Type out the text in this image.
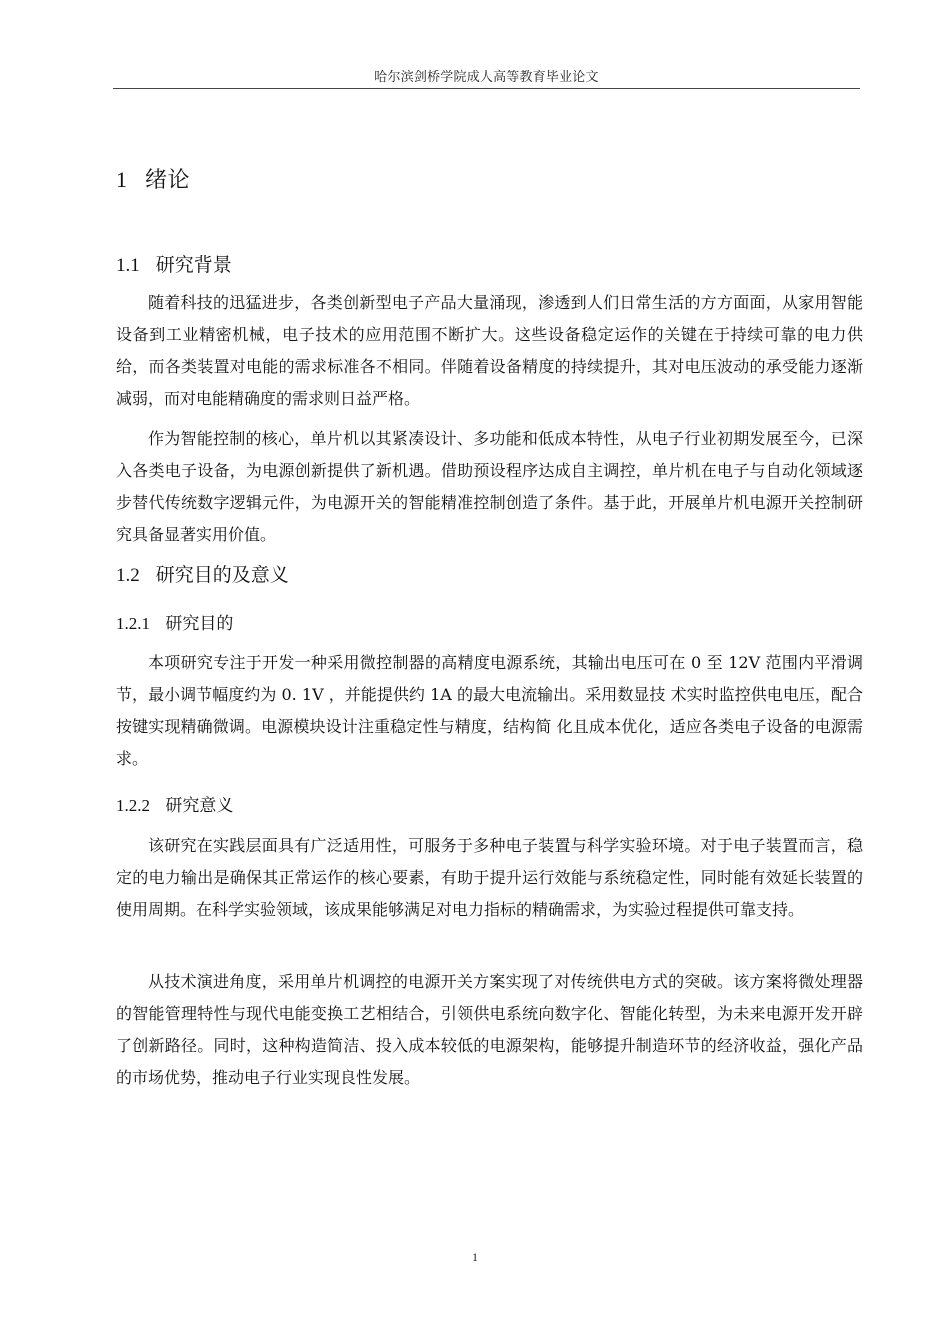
哈尔滨剑桥学院成人高等教育毕业论文
1 绪论
1.1 研究背景

随着科技的迅猛进步，各类创新型电子产品大量涌现，渗透到人们日常生活的方方面面，从家用智能设备到工业精密机械，电子技术的应用范围不断扩大。这些设备稳定运作的关键在于持续可靠的电力供给，而各类装置对电能的需求标准各不相同。伴随着设备精度的持续提升，其对电压波动的承受能力逐渐减弱，而对电能精确度的需求则日益严格。

作为智能控制的核心，单片机以其紧凑设计、多功能和低成本特性，从电子行业初期发展至今，已深入各类电子设备，为电源创新提供了新机遇。借助预设程序达成自主调控，单片机在电子与自动化领域逐步替代传统数字逻辑元件，为电源开关的智能精准控制创造了条件。基于此，开展单片机电源开关控制研究具备显著实用价值。

1.2 研究目的及意义
1.2.1 研究目的

本项研究专注于开发一种采用微控制器的高精度电源系统，其输出电压可在 0 至 12V 范围内平滑调节，最小调节幅度约为 0. 1V ，并能提供约 1A 的最大电流输出。采用数显技 术实时监控供电电压，配合按键实现精确微调。电源模块设计注重稳定性与精度，结构简 化且成本优化，适应各类电子设备的电源需求。

1.2.2 研究意义

该研究在实践层面具有广泛适用性，可服务于多种电子装置与科学实验环境。对于电子装置而言，稳定的电力输出是确保其正常运作的核心要素，有助于提升运行效能与系统稳定性，同时能有效延长装置的使用周期。在科学实验领域，该成果能够满足对电力指标的精确需求，为实验过程提供可靠支持。

从技术演进角度，采用单片机调控的电源开关方案实现了对传统供电方式的突破。该方案将微处理器的智能管理特性与现代电能变换工艺相结合，引领供电系统向数字化、智能化转型，为未来电源开发开辟了创新路径。同时，这种构造简洁、投入成本较低的电源架构，能够提升制造环节的经济收益，强化产品的市场优势，推动电子行业实现良性发展。

1
